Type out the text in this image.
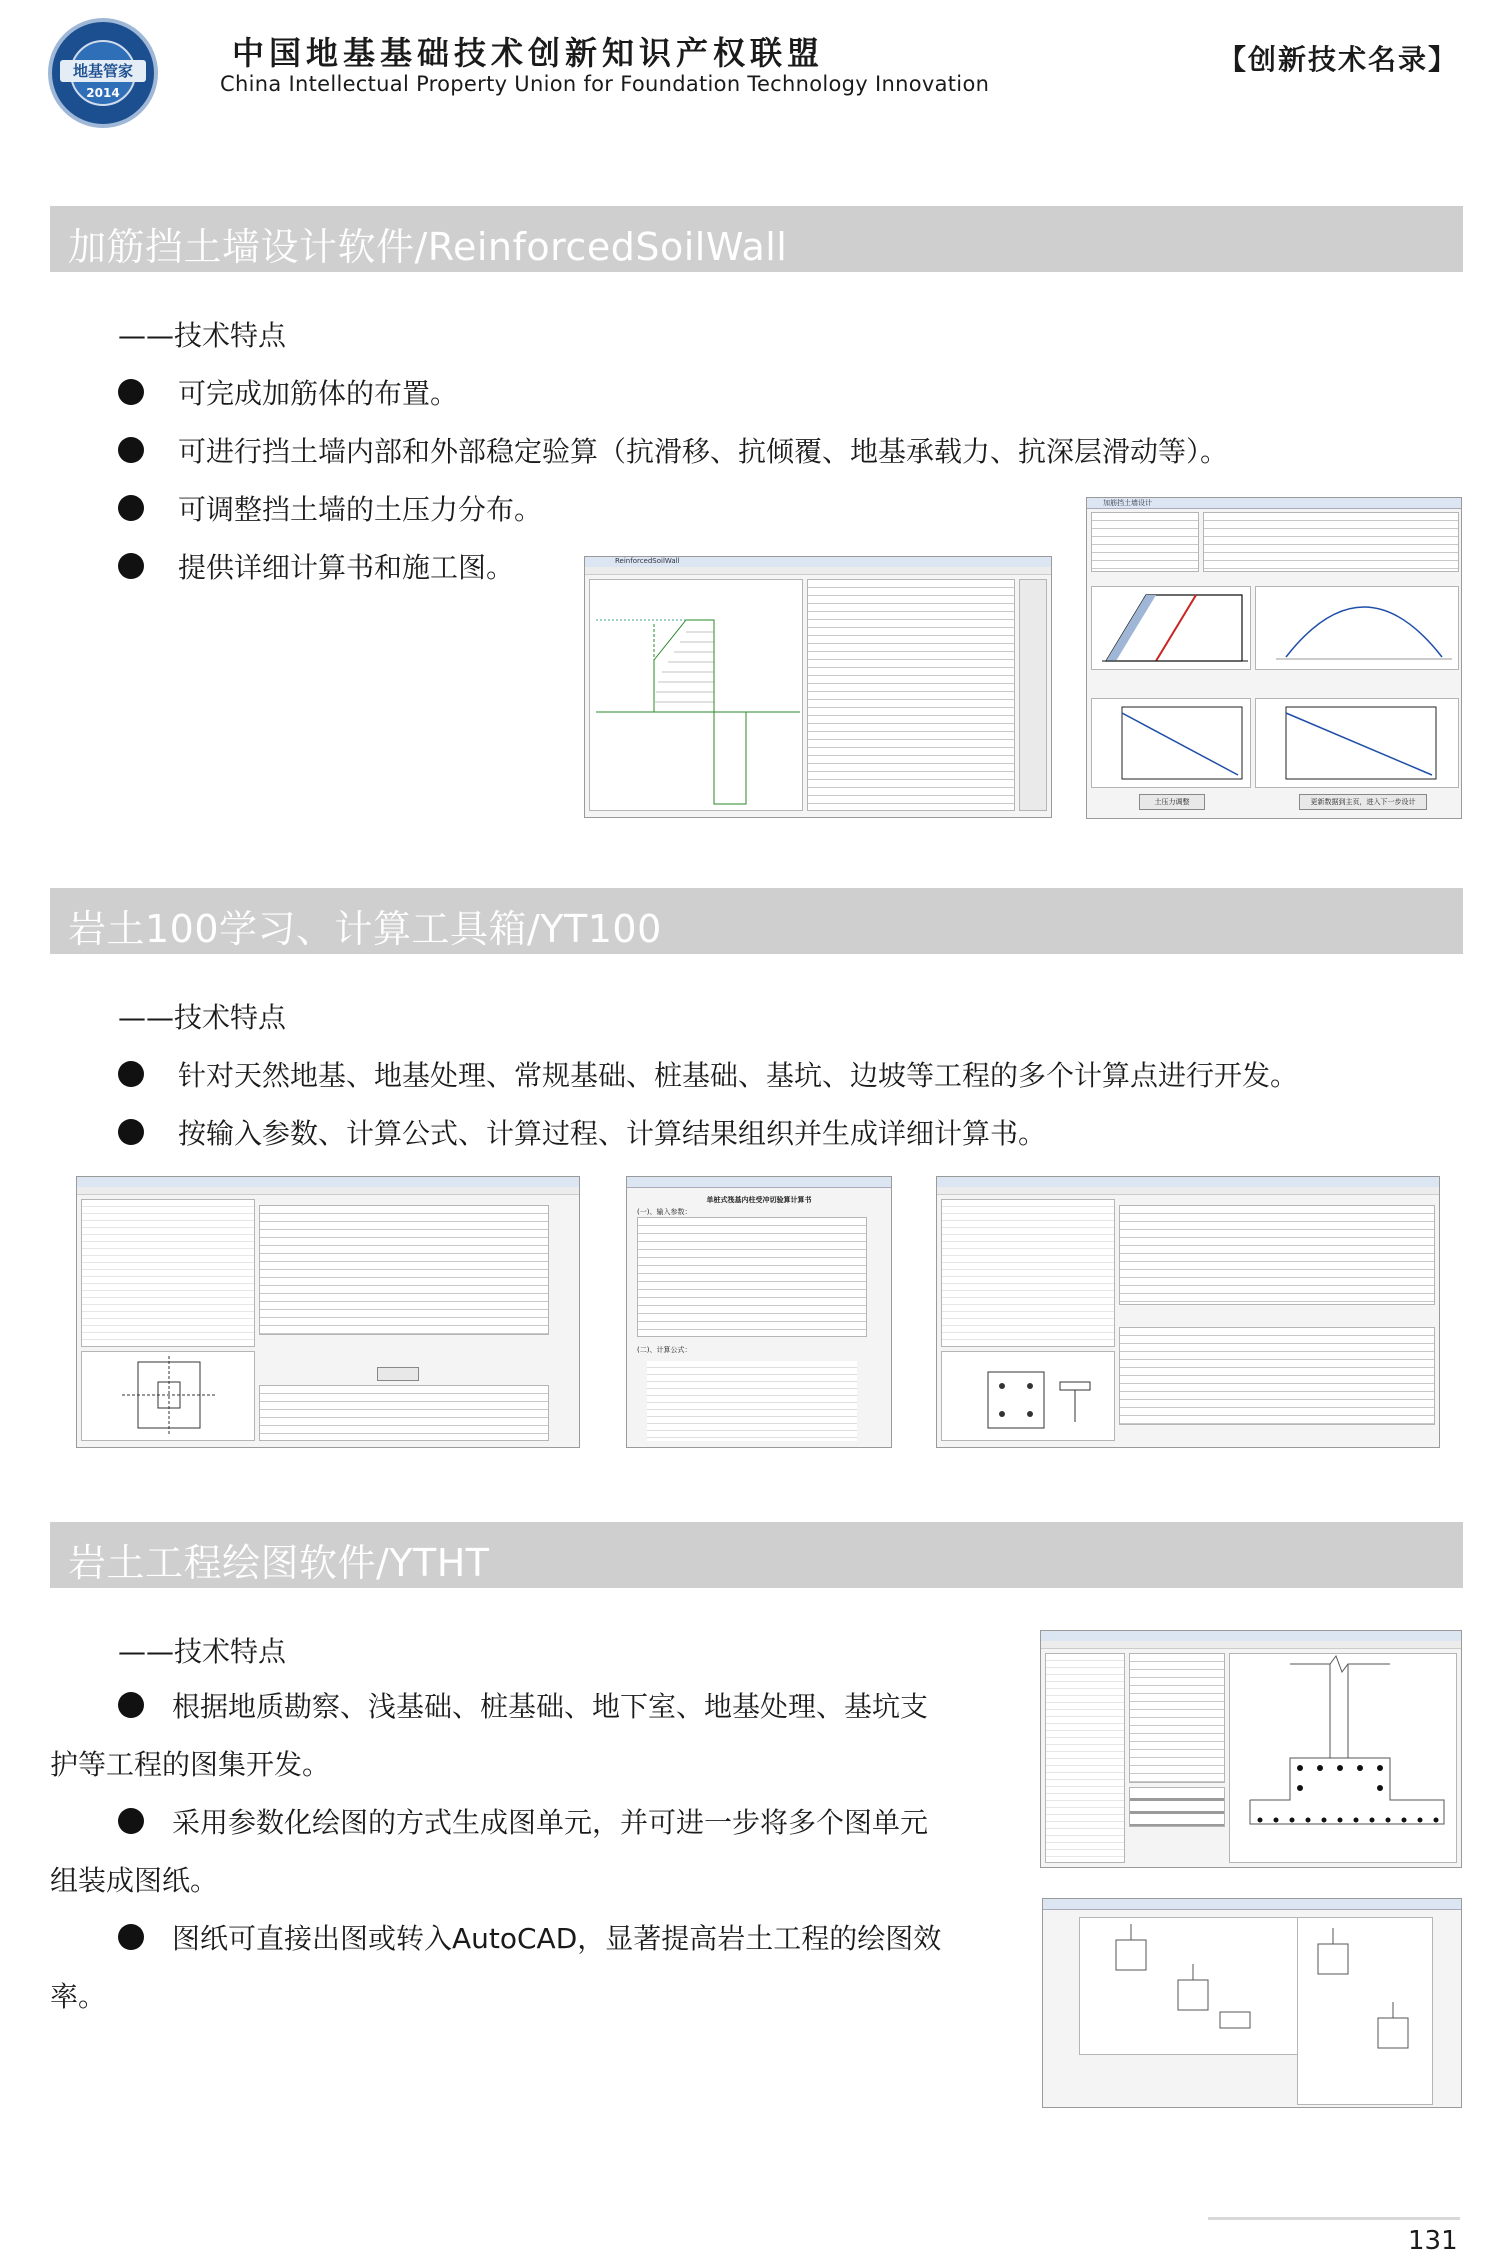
地基管家
2014
中国地基基础技术创新知识产权联盟
China Intellectual Property Union for Foundation Technology Innovation
【创新技术名录】
加筋挡土墙设计软件/ReinforcedSoilWall
——技术特点
可完成加筋体的布置。
可进行挡土墙内部和外部稳定验算（抗滑移、抗倾覆、地基承载力、抗深层滑动等）。
可调整挡土墙的土压力分布。
提供详细计算书和施工图。	ReinforcedSoilWall
加筋挡土墙设计
土压力调整	更新数据到主页，进入下一步设计
岩土100学习、计算工具箱/YT100
——技术特点
针对天然地基、地基处理、常规基础、桩基础、基坑、边坡等工程的多个计算点进行开发。
按输入参数、计算公式、计算过程、计算结果组织并生成详细计算书。
单桩式筏基内柱受冲切验算计算书
(一)、输入参数：
(二)、计算公式：
岩土工程绘图软件/YTHT
——技术特点
根据地质勘察、浅基础、桩基础、地下室、地基处理、基坑支
护等工程的图集开发。
采用参数化绘图的方式生成图单元，并可进一步将多个图单元
组装成图纸。
图纸可直接出图或转入AutoCAD，显著提高岩土工程的绘图效
率。
131
